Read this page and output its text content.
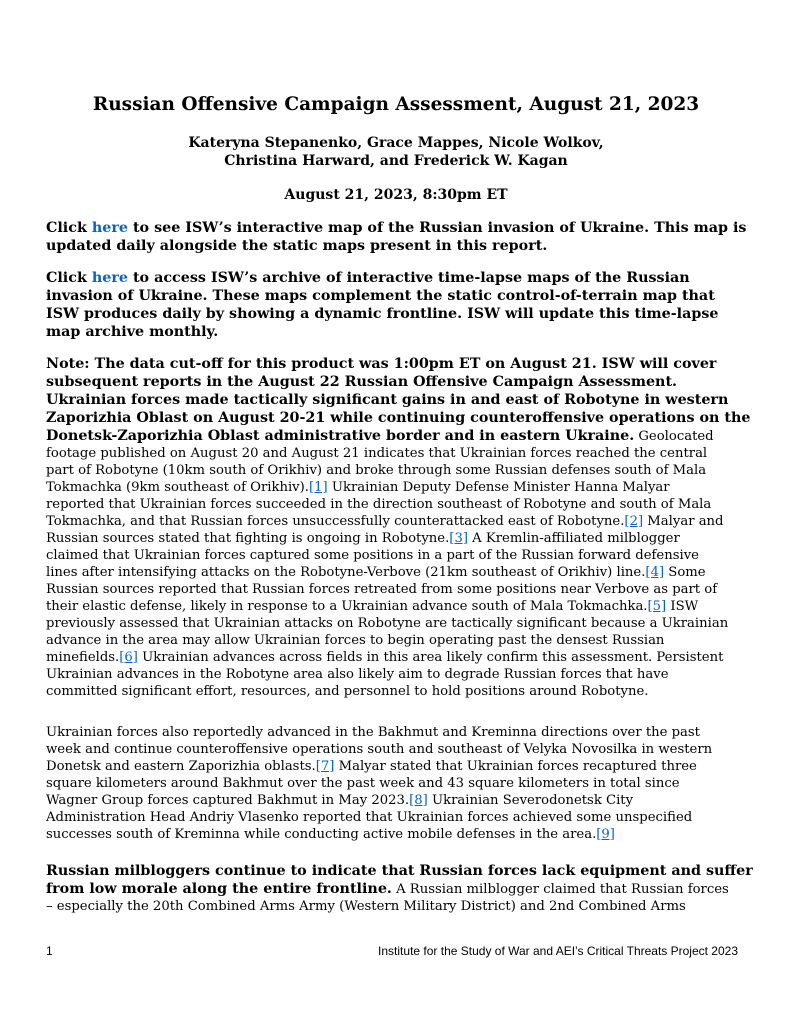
Russian Offensive Campaign Assessment, August 21, 2023
Kateryna Stepanenko, Grace Mappes, Nicole Wolkov,
Christina Harward, and Frederick W. Kagan
August 21, 2023, 8:30pm ET
Click here to see ISW’s interactive map of the Russian invasion of Ukraine. This map is
updated daily alongside the static maps present in this report.
Click here to access ISW’s archive of interactive time-lapse maps of the Russian
invasion of Ukraine. These maps complement the static control-of-terrain map that
ISW produces daily by showing a dynamic frontline. ISW will update this time-lapse
map archive monthly.
Note: The data cut-off for this product was 1:00pm ET on August 21. ISW will cover
subsequent reports in the August 22 Russian Offensive Campaign Assessment.
Ukrainian forces made tactically significant gains in and east of Robotyne in western
Zaporizhia Oblast on August 20-21 while continuing counteroffensive operations on the
Donetsk-Zaporizhia Oblast administrative border and in eastern Ukraine. Geolocated
footage published on August 20 and August 21 indicates that Ukrainian forces reached the central
part of Robotyne (10km south of Orikhiv) and broke through some Russian defenses south of Mala
Tokmachka (9km southeast of Orikhiv).[1] Ukrainian Deputy Defense Minister Hanna Malyar
reported that Ukrainian forces succeeded in the direction southeast of Robotyne and south of Mala
Tokmachka, and that Russian forces unsuccessfully counterattacked east of Robotyne.[2] Malyar and
Russian sources stated that fighting is ongoing in Robotyne.[3] A Kremlin-affiliated milblogger
claimed that Ukrainian forces captured some positions in a part of the Russian forward defensive
lines after intensifying attacks on the Robotyne-Verbove (21km southeast of Orikhiv) line.[4] Some
Russian sources reported that Russian forces retreated from some positions near Verbove as part of
their elastic defense, likely in response to a Ukrainian advance south of Mala Tokmachka.[5] ISW
previously assessed that Ukrainian attacks on Robotyne are tactically significant because a Ukrainian
advance in the area may allow Ukrainian forces to begin operating past the densest Russian
minefields.[6] Ukrainian advances across fields in this area likely confirm this assessment. Persistent
Ukrainian advances in the Robotyne area also likely aim to degrade Russian forces that have
committed significant effort, resources, and personnel to hold positions around Robotyne.
Ukrainian forces also reportedly advanced in the Bakhmut and Kreminna directions over the past
week and continue counteroffensive operations south and southeast of Velyka Novosilka in western
Donetsk and eastern Zaporizhia oblasts.[7] Malyar stated that Ukrainian forces recaptured three
square kilometers around Bakhmut over the past week and 43 square kilometers in total since
Wagner Group forces captured Bakhmut in May 2023.[8] Ukrainian Severodonetsk City
Administration Head Andriy Vlasenko reported that Ukrainian forces achieved some unspecified
successes south of Kreminna while conducting active mobile defenses in the area.[9]
Russian milbloggers continue to indicate that Russian forces lack equipment and suffer
from low morale along the entire frontline. A Russian milblogger claimed that Russian forces
– especially the 20th Combined Arms Army (Western Military District) and 2nd Combined Arms
1	Institute for the Study of War and AEI’s Critical Threats Project 2023
